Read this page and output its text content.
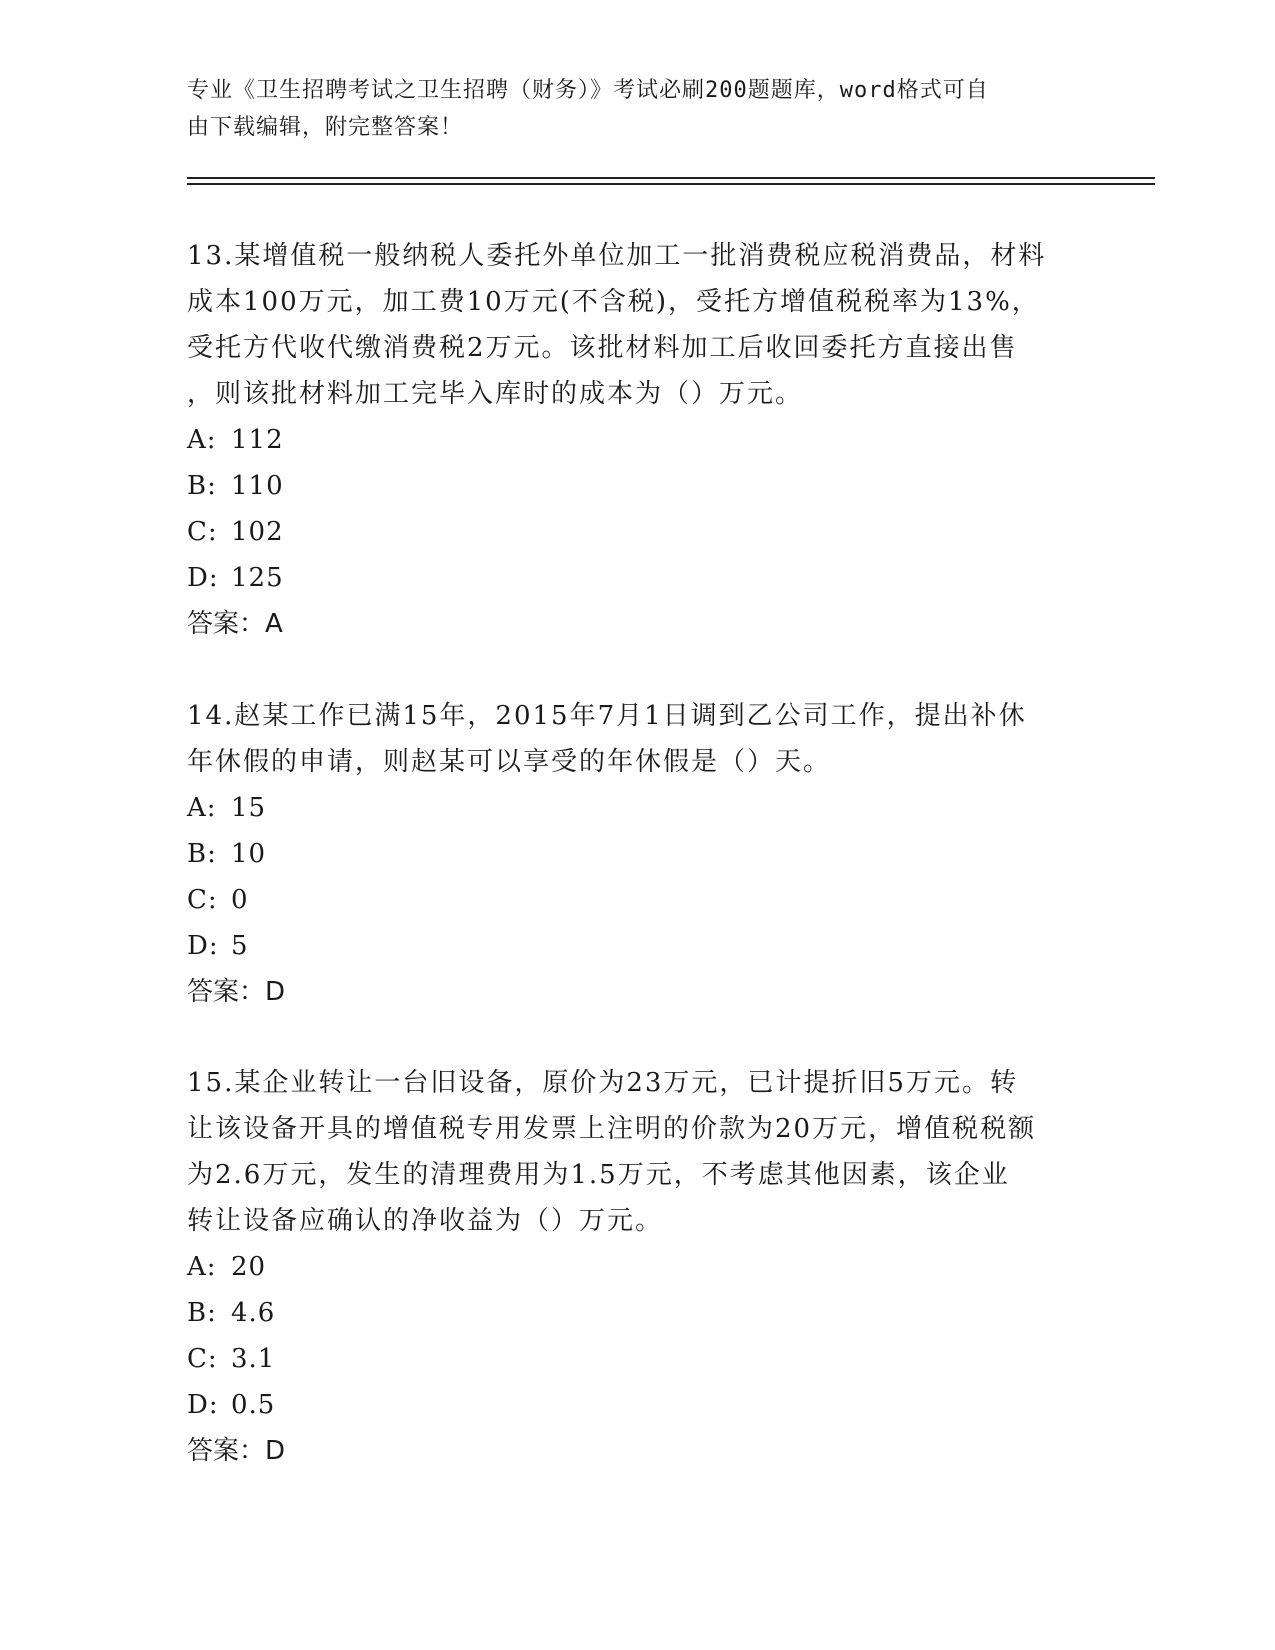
专业《卫生招聘考试之卫生招聘（财务）》考试必刷200题题库，word格式可自
由下载编辑，附完整答案！

13.某增值税一般纳税人委托外单位加工一批消费税应税消费品，材料
成本100万元，加工费10万元(不含税)，受托方增值税税率为13%，
受托方代收代缴消费税2万元。该批材料加工后收回委托方直接出售
，则该批材料加工完毕入库时的成本为（）万元。

A: 112

B: 110

C: 102

D: 125

答案：A

14.赵某工作已满15年，2015年7月1日调到乙公司工作，提出补休
年休假的申请，则赵某可以享受的年休假是（）天。

A: 15

B: 10

C: 0

D: 5

答案：D

15.某企业转让一台旧设备，原价为23万元，已计提折旧5万元。转
让该设备开具的增值税专用发票上注明的价款为20万元，增值税税额
为2.6万元，发生的清理费用为1.5万元，不考虑其他因素，该企业
转让设备应确认的净收益为（）万元。

A: 20

B: 4.6

C: 3.1

D: 0.5

答案：D
